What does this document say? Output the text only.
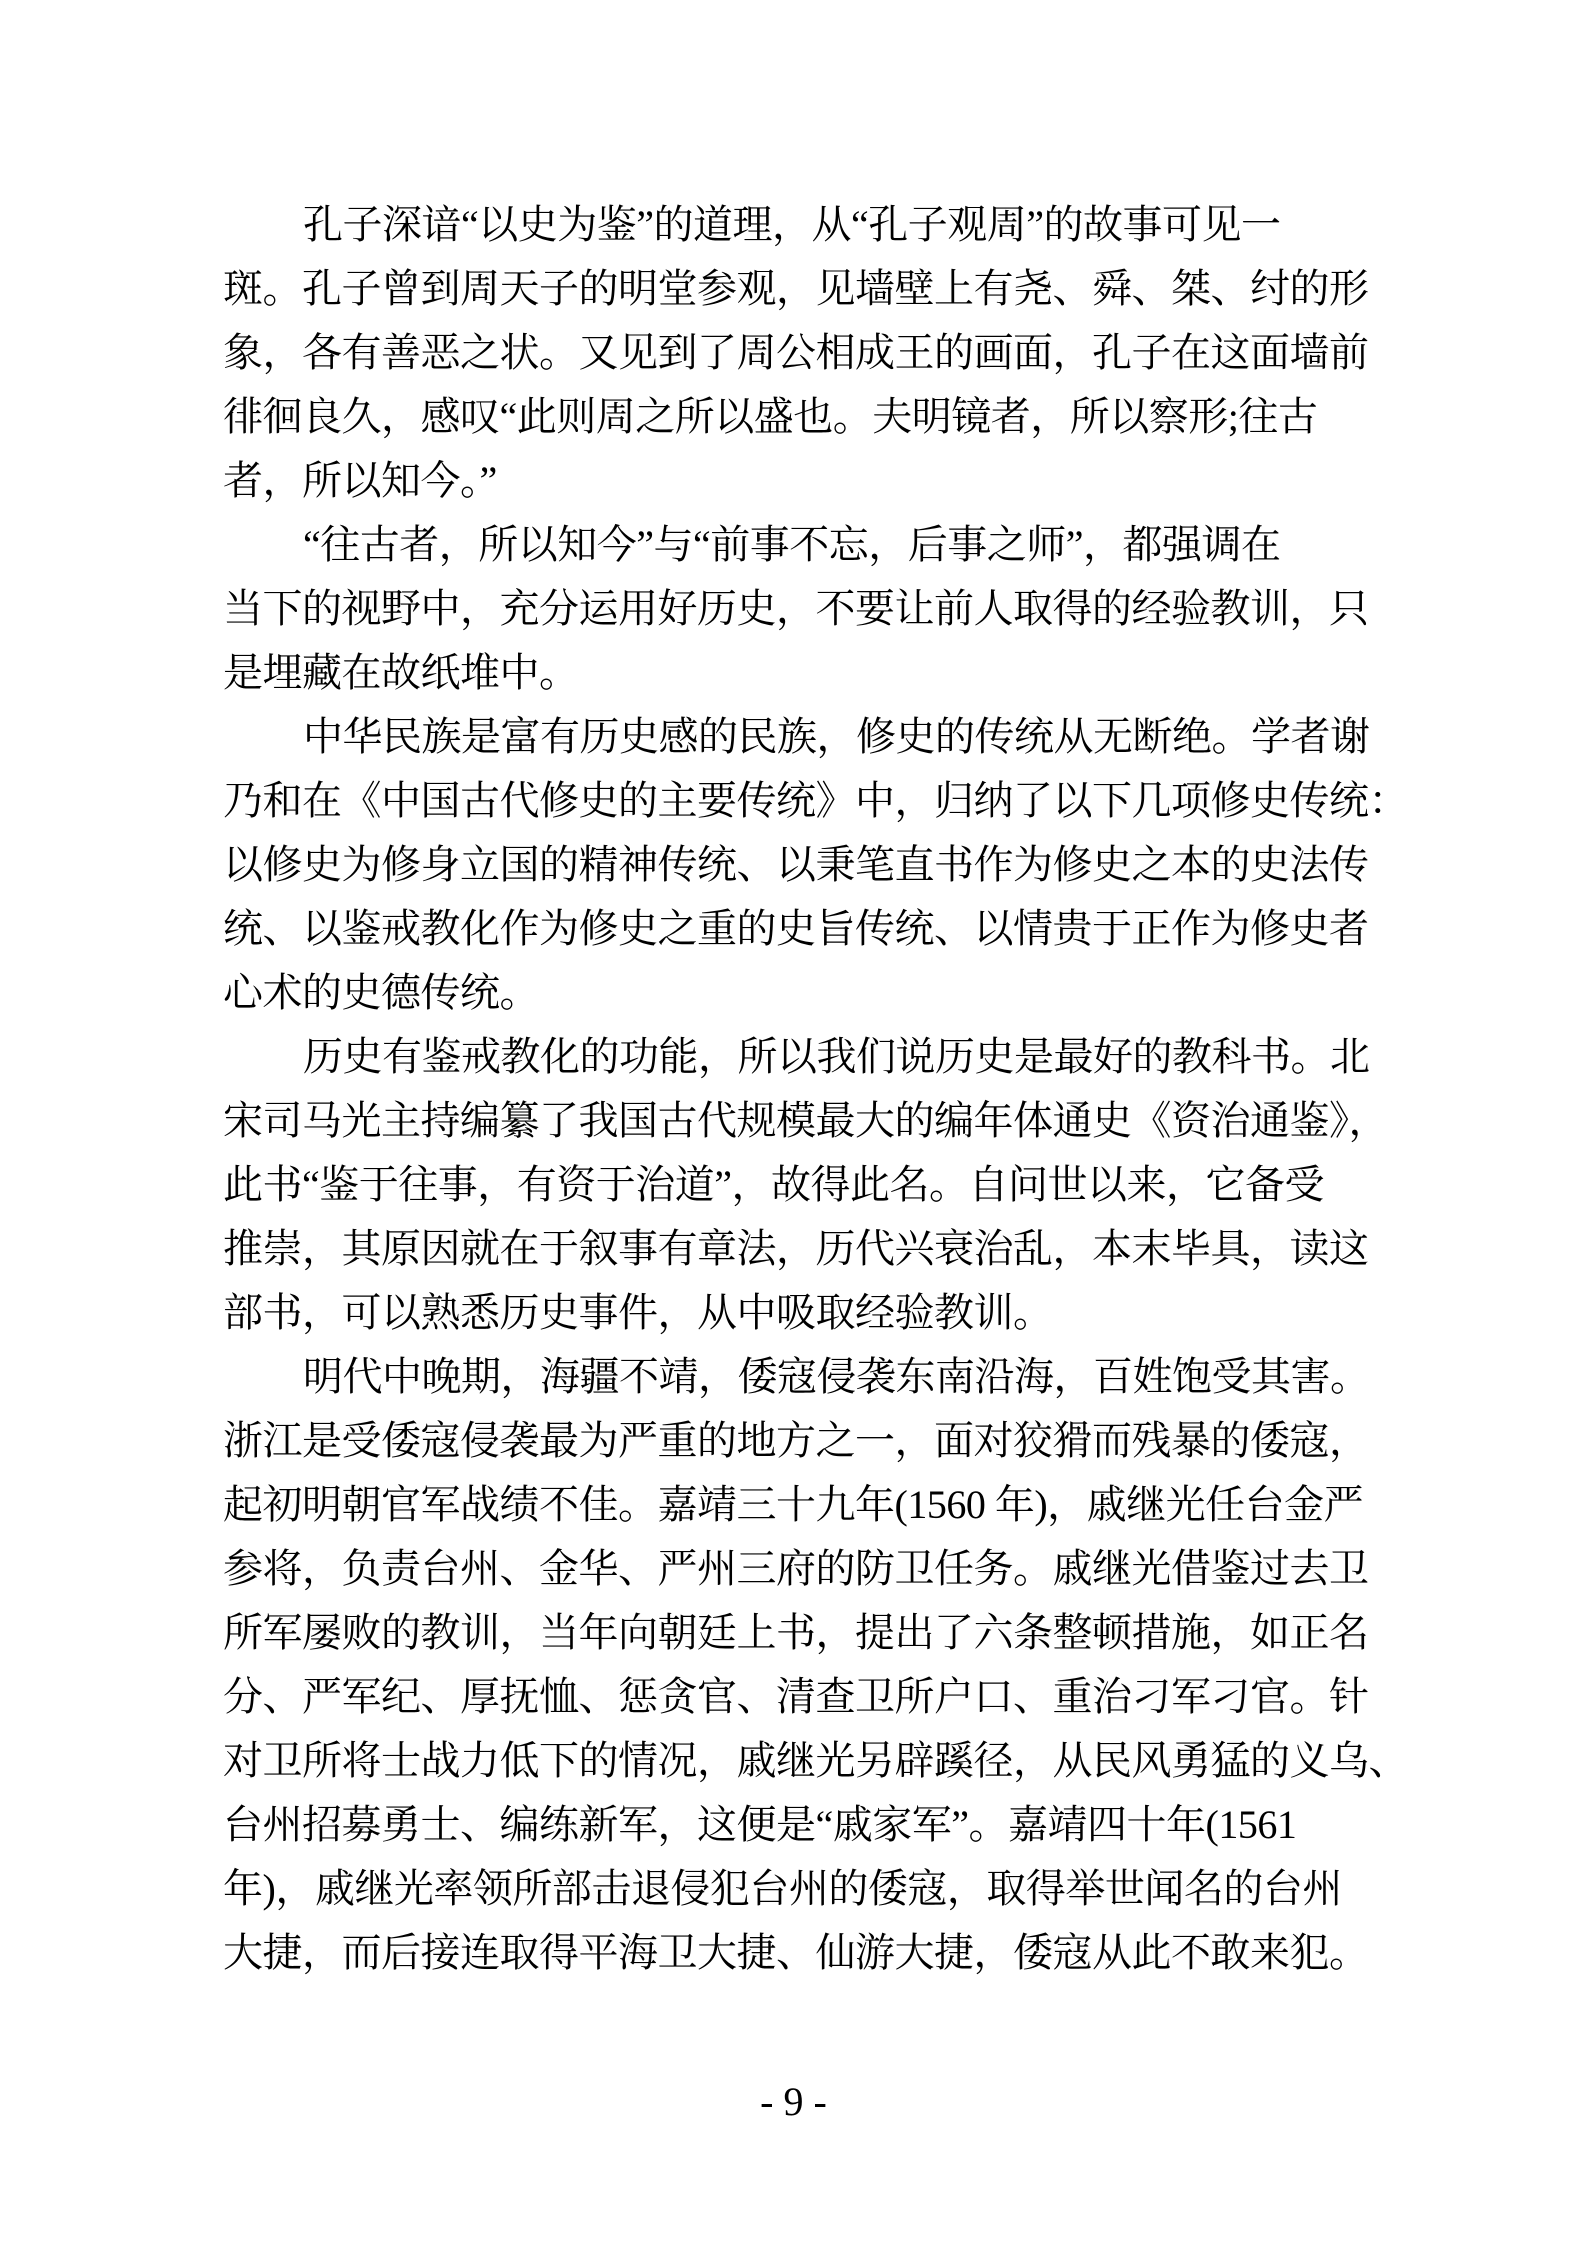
孔子深谙“以史为鉴”的道理，从“孔子观周”的故事可见一
斑。孔子曾到周天子的明堂参观，见墙壁上有尧、舜、桀、纣的形
象，各有善恶之状。又见到了周公相成王的画面，孔子在这面墙前
徘徊良久，感叹“此则周之所以盛也。夫明镜者，所以察形;往古
者，所以知今。”
“往古者，所以知今”与“前事不忘，后事之师”，都强调在
当下的视野中，充分运用好历史，不要让前人取得的经验教训，只
是埋藏在故纸堆中。
中华民族是富有历史感的民族，修史的传统从无断绝。学者谢
乃和在《中国古代修史的主要传统》中，归纳了以下几项修史传统：
以修史为修身立国的精神传统、以秉笔直书作为修史之本的史法传
统、以鉴戒教化作为修史之重的史旨传统、以情贵于正作为修史者
心术的史德传统。
历史有鉴戒教化的功能，所以我们说历史是最好的教科书。北
宋司马光主持编纂了我国古代规模最大的编年体通史《资治通鉴》，
此书“鉴于往事，有资于治道”，故得此名。自问世以来，它备受
推崇，其原因就在于叙事有章法，历代兴衰治乱，本末毕具，读这
部书，可以熟悉历史事件，从中吸取经验教训。
明代中晚期，海疆不靖，倭寇侵袭东南沿海，百姓饱受其害。
浙江是受倭寇侵袭最为严重的地方之一，面对狡猾而残暴的倭寇，
起初明朝官军战绩不佳。嘉靖三十九年(1560 年)，戚继光任台金严
参将，负责台州、金华、严州三府的防卫任务。戚继光借鉴过去卫
所军屡败的教训，当年向朝廷上书，提出了六条整顿措施，如正名
分、严军纪、厚抚恤、惩贪官、清查卫所户口、重治刁军刁官。针
对卫所将士战力低下的情况，戚继光另辟蹊径，从民风勇猛的义乌、
台州招募勇士、编练新军，这便是“戚家军”。嘉靖四十年(1561
年)，戚继光率领所部击退侵犯台州的倭寇，取得举世闻名的台州
大捷，而后接连取得平海卫大捷、仙游大捷，倭寇从此不敢来犯。
- 9 -
